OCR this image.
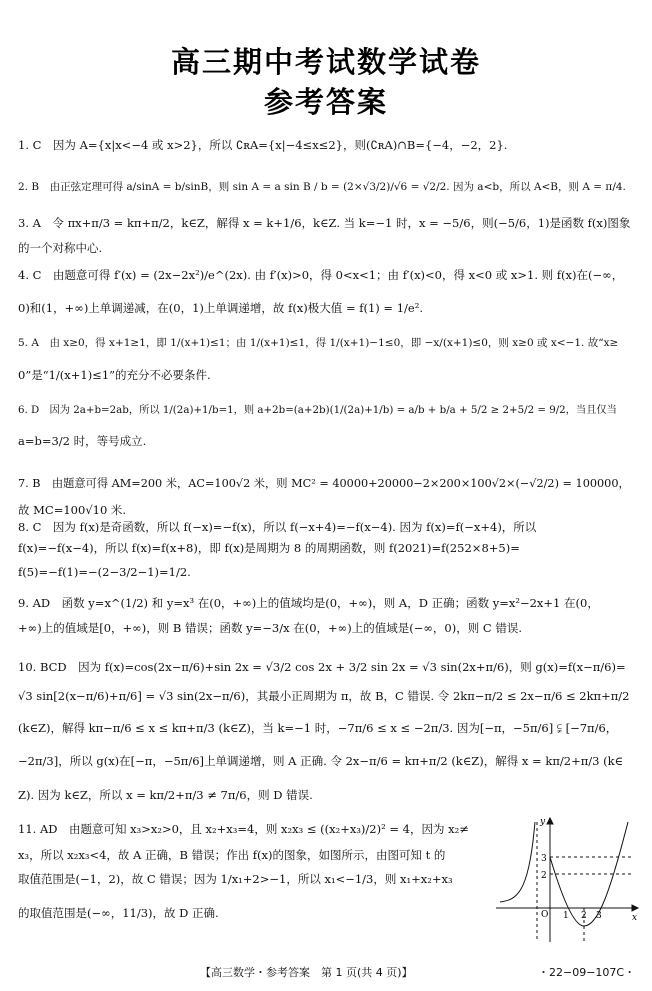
高三期中考试数学试卷
参考答案
1. C　因为 A={x|x<−4 或 x>2}，所以 ∁ʀA={x|−4≤x≤2}，则(∁ʀA)∩B={−4，−2，2}.
2. B　由正弦定理可得 a/sinA = b/sinB，则 sin A = a sin B / b = (2×√3/2)/√6 = √2/2. 因为 a<b，所以 A<B，则 A = π/4.
3. A　令 πx+π/3 = kπ+π/2，k∈Z，解得 x = k+1/6，k∈Z. 当 k=−1 时，x = −5/6，则(−5/6，1)是函数 f(x)图象
的一个对称中心.
4. C　由题意可得 f′(x) = (2x−2x²)/e^(2x). 由 f′(x)>0，得 0<x<1；由 f′(x)<0，得 x<0 或 x>1. 则 f(x)在(−∞，
0)和(1，+∞)上单调递减，在(0，1)上单调递增，故 f(x)极大值 = f(1) = 1/e².
5. A　由 x≥0，得 x+1≥1，即 1/(x+1)≤1；由 1/(x+1)≤1，得 1/(x+1)−1≤0，即 −x/(x+1)≤0，则 x≥0 或 x<−1. 故“x≥
0”是“1/(x+1)≤1”的充分不必要条件.
6. D　因为 2a+b=2ab，所以 1/(2a)+1/b=1，则 a+2b=(a+2b)(1/(2a)+1/b) = a/b + b/a + 5/2 ≥ 2+5/2 = 9/2，当且仅当
a=b=3/2 时，等号成立.
7. B　由题意可得 AM=200 米，AC=100√2 米，则 MC² = 40000+20000−2×200×100√2×(−√2/2) = 100000，
故 MC=100√10 米.
8. C　因为 f(x)是奇函数，所以 f(−x)=−f(x)，所以 f(−x+4)=−f(x−4). 因为 f(x)=f(−x+4)，所以
f(x)=−f(x−4)，所以 f(x)=f(x+8)，即 f(x)是周期为 8 的周期函数，则 f(2021)=f(252×8+5)=
f(5)=−f(1)=−(2−3/2−1)=1/2.
9. AD　函数 y=x^(1/2) 和 y=x³ 在(0，+∞)上的值域均是(0，+∞)，则 A，D 正确；函数 y=x²−2x+1 在(0，
+∞)上的值域是[0，+∞)，则 B 错误；函数 y=−3/x 在(0，+∞)上的值域是(−∞，0)，则 C 错误.
10. BCD　因为 f(x)=cos(2x−π/6)+sin 2x = √3/2 cos 2x + 3/2 sin 2x = √3 sin(2x+π/6)，则 g(x)=f(x−π/6)=
√3 sin[2(x−π/6)+π/6] = √3 sin(2x−π/6)，其最小正周期为 π，故 B，C 错误. 令 2kπ−π/2 ≤ 2x−π/6 ≤ 2kπ+π/2
(k∈Z)，解得 kπ−π/6 ≤ x ≤ kπ+π/3 (k∈Z)，当 k=−1 时，−7π/6 ≤ x ≤ −2π/3. 因为[−π，−5π/6] ⫋ [−7π/6，
−2π/3]，所以 g(x)在[−π，−5π/6]上单调递增，则 A 正确. 令 2x−π/6 = kπ+π/2 (k∈Z)，解得 x = kπ/2+π/3 (k∈
Z). 因为 k∈Z，所以 x = kπ/2+π/3 ≠ 7π/6，则 D 错误.
11. AD　由题意可知 x₃>x₂>0，且 x₂+x₃=4，则 x₂x₃ ≤ ((x₂+x₃)/2)² = 4，因为 x₂≠
x₃，所以 x₂x₃<4，故 A 正确，B 错误；作出 f(x)的图象，如图所示，由图可知 t 的
取值范围是(−1，2)，故 C 错误；因为 1/x₁+2>−1，所以 x₁<−1/3，则 x₁+x₂+x₃
的取值范围是(−∞，11/3)，故 D 正确.
y
x
O 1 2 3
3
2
【高三数学・参考答案　第 1 页(共 4 页)】	・22−09−107C・
